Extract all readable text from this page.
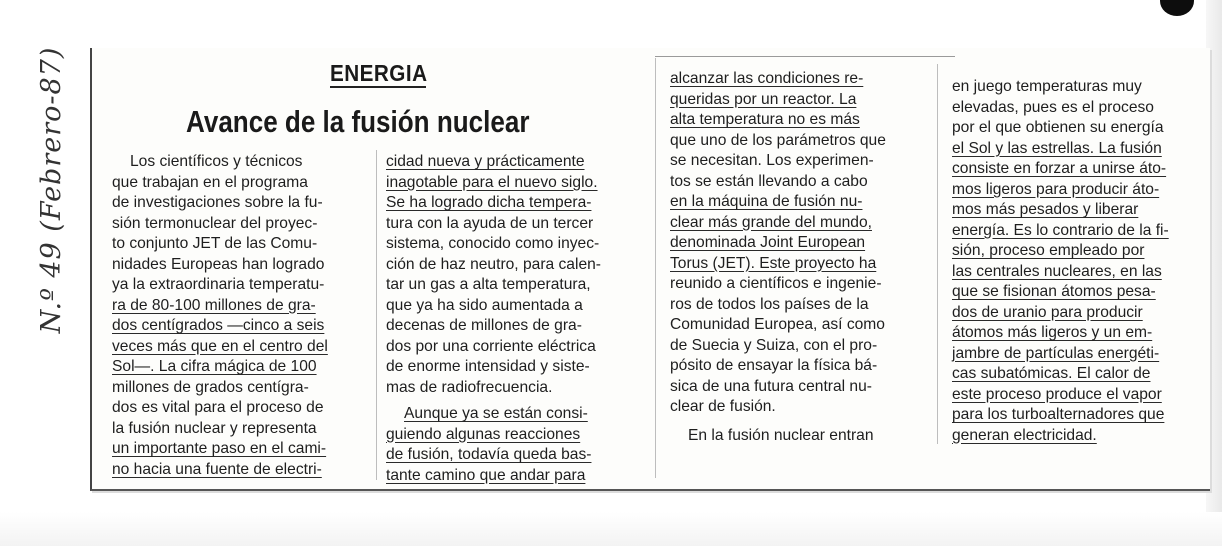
N.º 49 (Febrero-87)	ENERGIA
Avance de la fusión nuclear

Los científicos y técnicos

que trabajan en el programa

de investigaciones sobre la fu-

sión termonuclear del proyec-

to conjunto JET de las Comu-

nidades Europeas han logrado

ya la extraordinaria temperatu-

ra de 80-100 millones de gra-

dos centígrados —cinco a seis

veces más que en el centro del

Sol—. La cifra mágica de 100

millones de grados centígra-

dos es vital para el proceso de

la fusión nuclear y representa

un importante paso en el cami-

no hacia una fuente de electri-

cidad nueva y prácticamente

inagotable para el nuevo siglo.

Se ha logrado dicha tempera-

tura con la ayuda de un tercer

sistema, conocido como inyec-

ción de haz neutro, para calen-

tar un gas a alta temperatura,

que ya ha sido aumentada a

decenas de millones de gra-

dos por una corriente eléctrica

de enorme intensidad y siste-

mas de radiofrecuencia.

Aunque ya se están consi-

guiendo algunas reacciones

de fusión, todavía queda bas-

tante camino que andar para

alcanzar las condiciones re-

queridas por un reactor. La

alta temperatura no es más

que uno de los parámetros que

se necesitan. Los experimen-

tos se están llevando a cabo

en la máquina de fusión nu-

clear más grande del mundo,

denominada Joint European

Torus (JET). Este proyecto ha

reunido a científicos e ingenie-

ros de todos los países de la

Comunidad Europea, así como

de Suecia y Suiza, con el pro-

pósito de ensayar la física bá-

sica de una futura central nu-

clear de fusión.

En la fusión nuclear entran

en juego temperaturas muy

elevadas, pues es el proceso

por el que obtienen su energía

el Sol y las estrellas. La fusión

consiste en forzar a unirse áto-

mos ligeros para producir áto-

mos más pesados y liberar

energía. Es lo contrario de la fi-

sión, proceso empleado por

las centrales nucleares, en las

que se fisionan átomos pesa-

dos de uranio para producir

átomos más ligeros y un em-

jambre de partículas energéti-

cas subatómicas. El calor de

este proceso produce el vapor

para los turboalternadores que

generan electricidad.
